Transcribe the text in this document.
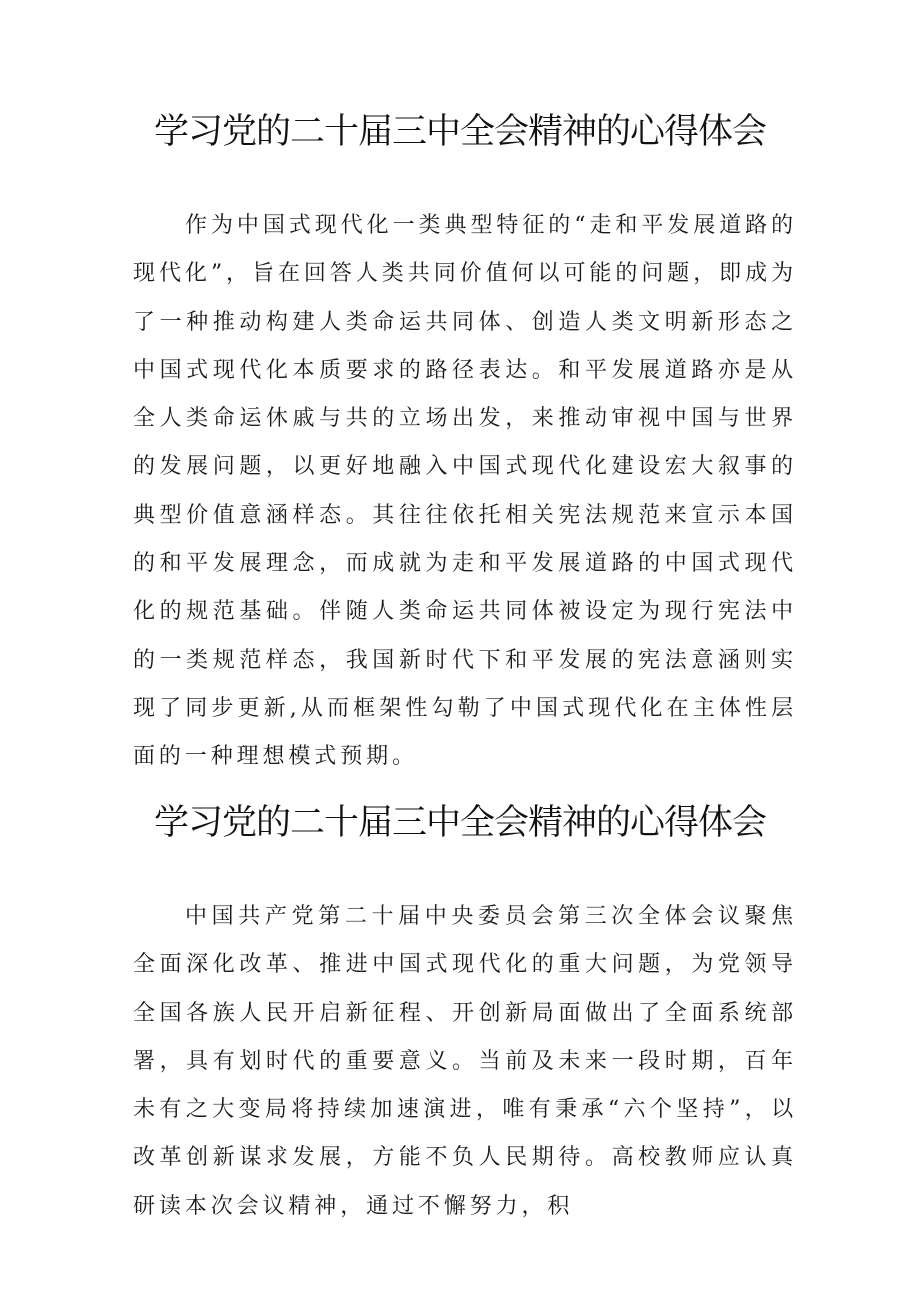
学习党的二十届三中全会精神的心得体会

作为中国式现代化一类典型特征的“走和平发展道路的现代化”，旨在回答人类共同价值何以可能的问题，即成为了一种推动构建人类命运共同体、创造人类文明新形态之中国式现代化本质要求的路径表达。和平发展道路亦是从全人类命运休戚与共的立场出发，来推动审视中国与世界的发展问题，以更好地融入中国式现代化建设宏大叙事的典型价值意涵样态。其往往依托相关宪法规范来宣示本国的和平发展理念，而成就为走和平发展道路的中国式现代化的规范基础。伴随人类命运共同体被设定为现行宪法中的一类规范样态，我国新时代下和平发展的宪法意涵则实现了同步更新,从而框架性勾勒了中国式现代化在主体性层面的一种理想模式预期。

学习党的二十届三中全会精神的心得体会

中国共产党第二十届中央委员会第三次全体会议聚焦全面深化改革、推进中国式现代化的重大问题，为党领导全国各族人民开启新征程、开创新局面做出了全面系统部署，具有划时代的重要意义。当前及未来一段时期，百年未有之大变局将持续加速演进，唯有秉承“六个坚持”，以改革创新谋求发展，方能不负人民期待。高校教师应认真研读本次会议精神，通过不懈努力，积
